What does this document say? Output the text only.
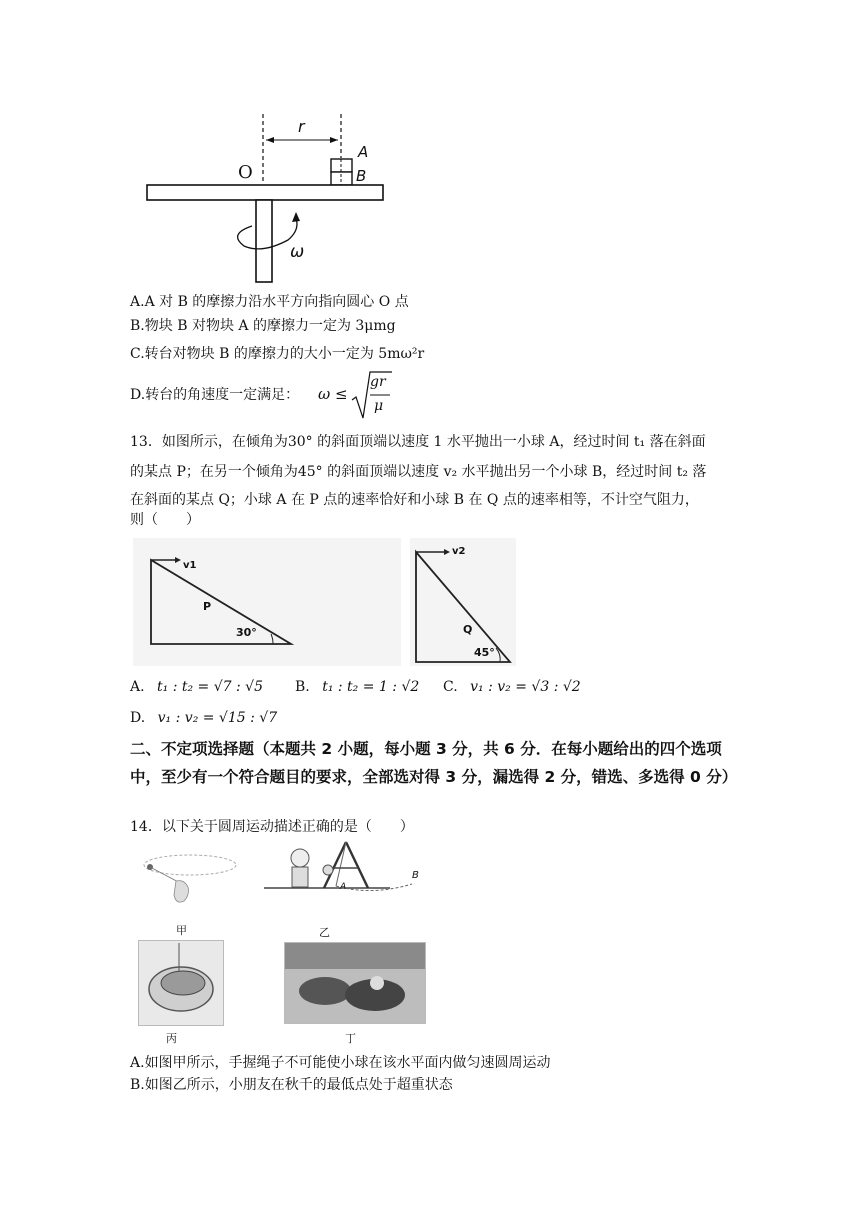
r
O
A
B
ω
A.A 对 B 的摩擦力沿水平方向指向圆心 O 点
B.物块 B 对物块 A 的摩擦力一定为 3μmg
C.转台对物块 B 的摩擦力的大小一定为 5mω²r
D.转台的角速度一定满足： ω ≤
gr
μ
13．如图所示，在倾角为30° 的斜面顶端以速度 1 水平抛出一小球 A，经过时间 t₁ 落在斜面
的某点 P；在另一个倾角为45° 的斜面顶端以速度 v₂ 水平抛出另一个小球 B，经过时间 t₂ 落
在斜面的某点 Q；小球 A 在 P 点的速率恰好和小球 B 在 Q 点的速率相等，不计空气阻力，
则（　　）
v1
P
30°
v2
Q
45°
A. t₁ : t₂ = √7 : √5 B. t₁ : t₂ = 1 : √2 C. v₁ : v₂ = √3 : √2
D. v₁ : v₂ = √15 : √7
二、不定项选择题（本题共 2 小题，每小题 3 分，共 6 分．在每小题给出的四个选项中，至少有一个符合题目的要求，全部选对得 3 分，漏选得 2 分，错选、多选得 0 分）
14．以下关于圆周运动描述正确的是（　　）
甲
A
B
乙
丙	丁
A.如图甲所示，手握绳子不可能使小球在该水平面内做匀速圆周运动
B.如图乙所示，小朋友在秋千的最低点处于超重状态
